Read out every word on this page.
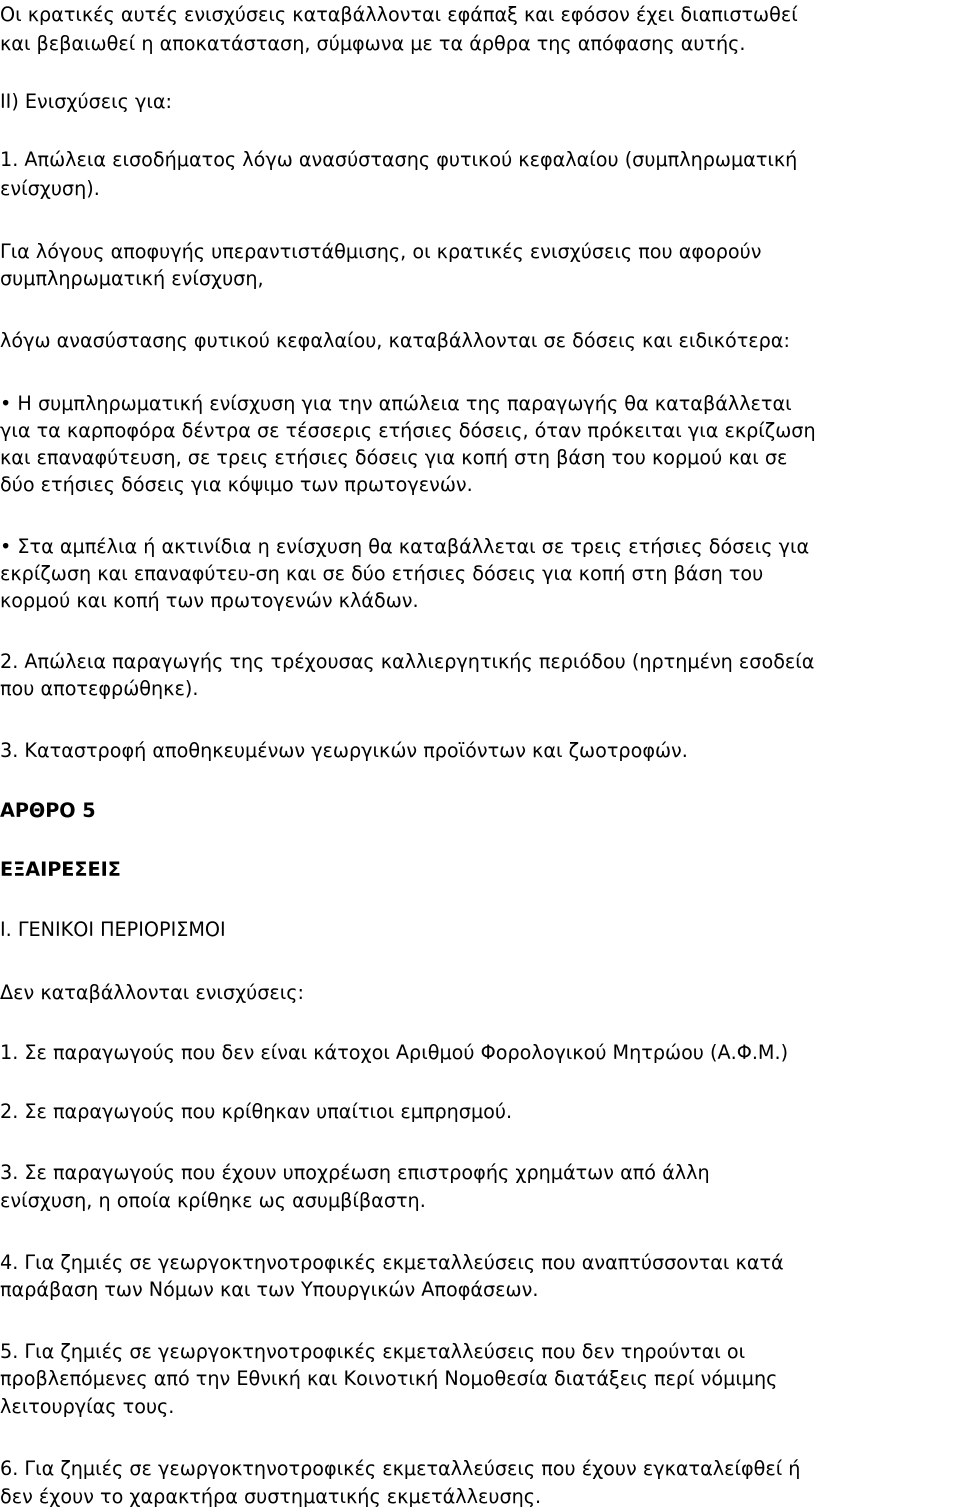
Οι κρατικές αυτές ενισχύσεις καταβάλλονται εφάπαξ και εφόσον έχει διαπιστωθεί

και βεβαιωθεί η αποκατάσταση, σύμφωνα με τα άρθρα της απόφασης αυτής.

ΙΙ) Ενισχύσεις για:

1. Απώλεια εισοδήματος λόγω ανασύστασης φυτικού κεφαλαίου (συμπληρωματική

ενίσχυση).

Για λόγους αποφυγής υπεραντιστάθμισης, οι κρατικές ενισχύσεις που αφορούν

συμπληρωματική ενίσχυση,

λόγω ανασύστασης φυτικού κεφαλαίου, καταβάλλονται σε δόσεις και ειδικότερα:

• Η συμπληρωματική ενίσχυση για την απώλεια της παραγωγής θα καταβάλλεται

για τα καρποφόρα δέντρα σε τέσσερις ετήσιες δόσεις, όταν πρόκειται για εκρίζωση

και επαναφύτευση, σε τρεις ετήσιες δόσεις για κοπή στη βάση του κορμού και σε

δύο ετήσιες δόσεις για κόψιμο των πρωτογενών.

• Στα αμπέλια ή ακτινίδια η ενίσχυση θα καταβάλλεται σε τρεις ετήσιες δόσεις για

εκρίζωση και επαναφύτευ-ση και σε δύο ετήσιες δόσεις για κοπή στη βάση του

κορμού και κοπή των πρωτογενών κλάδων.

2. Απώλεια παραγωγής της τρέχουσας καλλιεργητικής περιόδου (ηρτημένη εσοδεία

που αποτεφρώθηκε).

3. Καταστροφή αποθηκευμένων γεωργικών προϊόντων και ζωοτροφών.

ΑΡΘΡΟ 5

ΕΞΑΙΡΕΣΕΙΣ

Ι. ΓΕΝΙΚΟΙ ΠΕΡΙΟΡΙΣΜΟΙ

Δεν καταβάλλονται ενισχύσεις:

1. Σε παραγωγούς που δεν είναι κάτοχοι Αριθμού Φορολογικού Μητρώου (Α.Φ.Μ.)

2. Σε παραγωγούς που κρίθηκαν υπαίτιοι εμπρησμού.

3. Σε παραγωγούς που έχουν υποχρέωση επιστροφής χρημάτων από άλλη

ενίσχυση, η οποία κρίθηκε ως ασυμβίβαστη.

4. Για ζημιές σε γεωργοκτηνοτροφικές εκμεταλλεύσεις που αναπτύσσονται κατά

παράβαση των Νόμων και των Υπουργικών Αποφάσεων.

5. Για ζημιές σε γεωργοκτηνοτροφικές εκμεταλλεύσεις που δεν τηρούνται οι

προβλεπόμενες από την Εθνική και Κοινοτική Νομοθεσία διατάξεις περί νόμιμης

λειτουργίας τους.

6. Για ζημιές σε γεωργοκτηνοτροφικές εκμεταλλεύσεις που έχουν εγκαταλείφθεί ή

δεν έχουν το χαρακτήρα συστηματικής εκμετάλλευσης.
